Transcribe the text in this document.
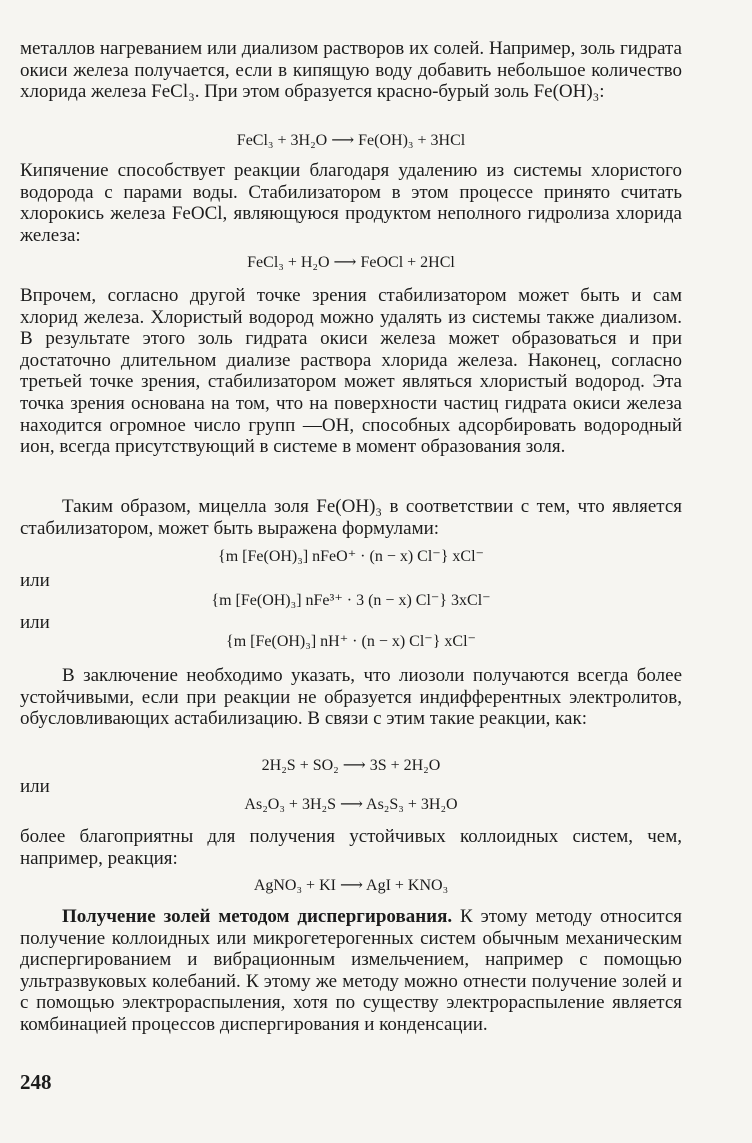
металлов нагреванием или диализом растворов их солей. Например, золь гидрата окиси железа получается, если в кипящую воду добавить небольшое количество хлорида железа FeCl₃. При этом образуется красно-бурый золь Fe(OH)₃:
FeCl₃ + 3H₂O ⟶ Fe(OH)₃ + 3HCl
Кипячение способствует реакции благодаря удалению из системы хлористого водорода с парами воды. Стабилизатором в этом процессе принято считать хлорокись железа FeOCl, являющуюся продуктом неполного гидролиза хлорида железа:
FeCl₃ + H₂O ⟶ FeOCl + 2HCl
Впрочем, согласно другой точке зрения стабилизатором может быть и сам хлорид железа. Хлористый водород можно удалять из системы также диализом. В результате этого золь гидрата окиси железа может образоваться и при достаточно длительном диализе раствора хлорида железа. Наконец, согласно третьей точке зрения, стабилизатором может являться хлористый водород. Эта точка зрения основана на том, что на поверхности частиц гидрата окиси железа находится огромное число групп —OH, способных адсорбировать водородный ион, всегда присутствующий в системе в момент образования золя.
Таким образом, мицелла золя Fe(OH)₃ в соответствии с тем, что является стабилизатором, может быть выражена формулами:
{m [Fe(OH)₃] nFeO⁺ · (n − x) Cl⁻} xCl⁻
или
{m [Fe(OH)₃] nFe³⁺ · 3 (n − x) Cl⁻} 3xCl⁻
или
{m [Fe(OH)₃] nH⁺ · (n − x) Cl⁻} xCl⁻
В заключение необходимо указать, что лиозоли получаются всегда более устойчивыми, если при реакции не образуется индифферентных электролитов, обусловливающих астабилизацию. В связи с этим такие реакции, как:
2H₂S + SO₂ ⟶ 3S + 2H₂O
или
As₂O₃ + 3H₂S ⟶ As₂S₃ + 3H₂O
более благоприятны для получения устойчивых коллоидных систем, чем, например, реакция:
AgNO₃ + KI ⟶ AgI + KNO₃
Получение золей методом диспергирования. К этому методу относится получение коллоидных или микрогетерогенных систем обычным механическим диспергированием и вибрационным измельчением, например с помощью ультразвуковых колебаний. К этому же методу можно отнести получение золей и с помощью электрораспыления, хотя по существу электрораспыление является комбинацией процессов диспергирования и конденсации.
248
